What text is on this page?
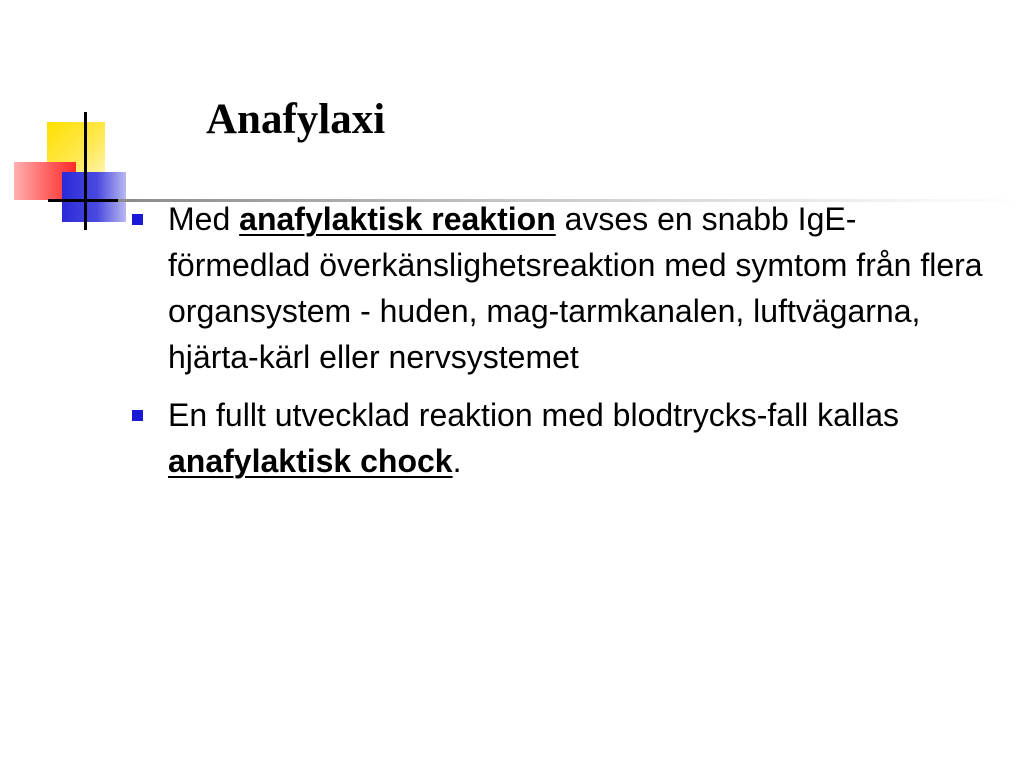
Anafylaxi
Med anafylaktisk reaktion avses en snabb IgE-förmedlad överkänslighetsreaktion med symtom från flera organsystem - huden, mag-tarmkanalen, luftvägarna, hjärta-kärl eller nervsystemet
En fullt utvecklad reaktion med blodtrycks-fall kallas anafylaktisk chock.
